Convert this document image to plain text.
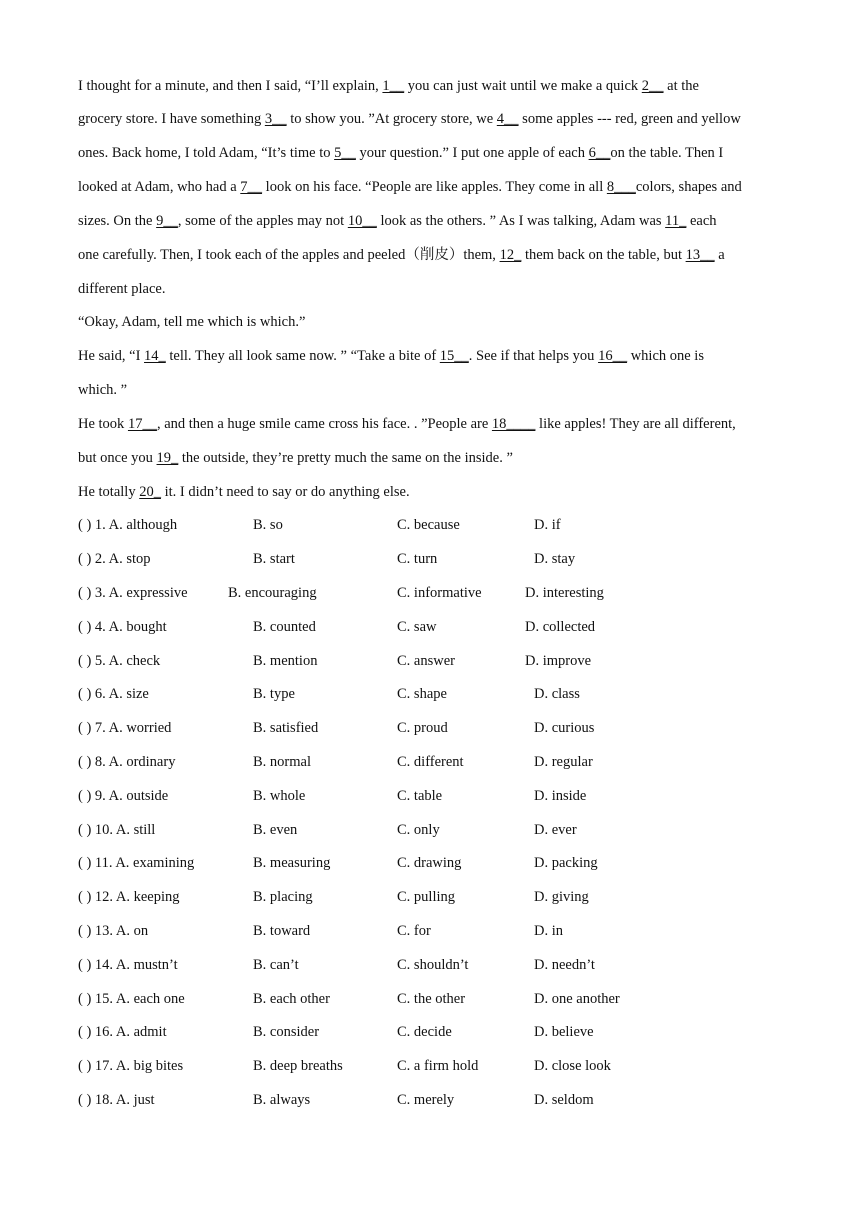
I thought for a minute, and then I said, “I’ll explain, 1__ you can just wait until we make a quick 2__ at the
grocery store. I have something 3__ to show you. ”At grocery store, we 4__ some apples --- red, green and yellow
ones. Back home, I told Adam, “It’s time to 5__ your question.” I put one apple of each 6__on the table. Then I
looked at Adam, who had a 7__ look on his face. “People are like apples. They come in all 8___colors, shapes and
sizes. On the 9__, some of the apples may not 10__ look as the others. ” As I was talking, Adam was 11_ each
one carefully. Then, I took each of the apples and peeled（削皮）them, 12_ them back on the table, but 13__ a
different place.
“Okay, Adam, tell me which is which.”
He said, “I 14_ tell. They all look same now. ” “Take a bite of 15__. See if that helps you 16__ which one is
which. ”
He took 17__, and then a huge smile came cross his face. . ”People are 18____ like apples! They are all different,
but once you 19_ the outside, they’re pretty much the same on the inside. ”
He totally 20_ it. I didn’t need to say or do anything else.
( ) 1. A. although	B. so	C. because	D. if
( ) 2. A. stop	B. start	C. turn	D. stay
( ) 3. A. expressive	B. encouraging	C. informative	D. interesting
( ) 4. A. bought	B. counted	C. saw	D. collected
( ) 5. A. check	B. mention	C. answer	D. improve
( ) 6. A. size	B. type	C. shape	D. class
( ) 7. A. worried	B. satisfied	C. proud	D. curious
( ) 8. A. ordinary	B. normal	C. different	D. regular
( ) 9. A. outside	B. whole	C. table	D. inside
( ) 10. A. still	B. even	C. only	D. ever
( ) 11. A. examining	B. measuring	C. drawing	D. packing
( ) 12. A. keeping	B. placing	C. pulling	D. giving
( ) 13. A. on	B. toward	C. for	D. in
( ) 14. A. mustn’t	B. can’t	C. shouldn’t	D. needn’t
( ) 15. A. each one	B. each other	C. the other	D. one another
( ) 16. A. admit	B. consider	C. decide	D. believe
( ) 17. A. big bites	B. deep breaths	C. a firm hold	D. close look
( ) 18. A. just	B. always	C. merely	D. seldom
